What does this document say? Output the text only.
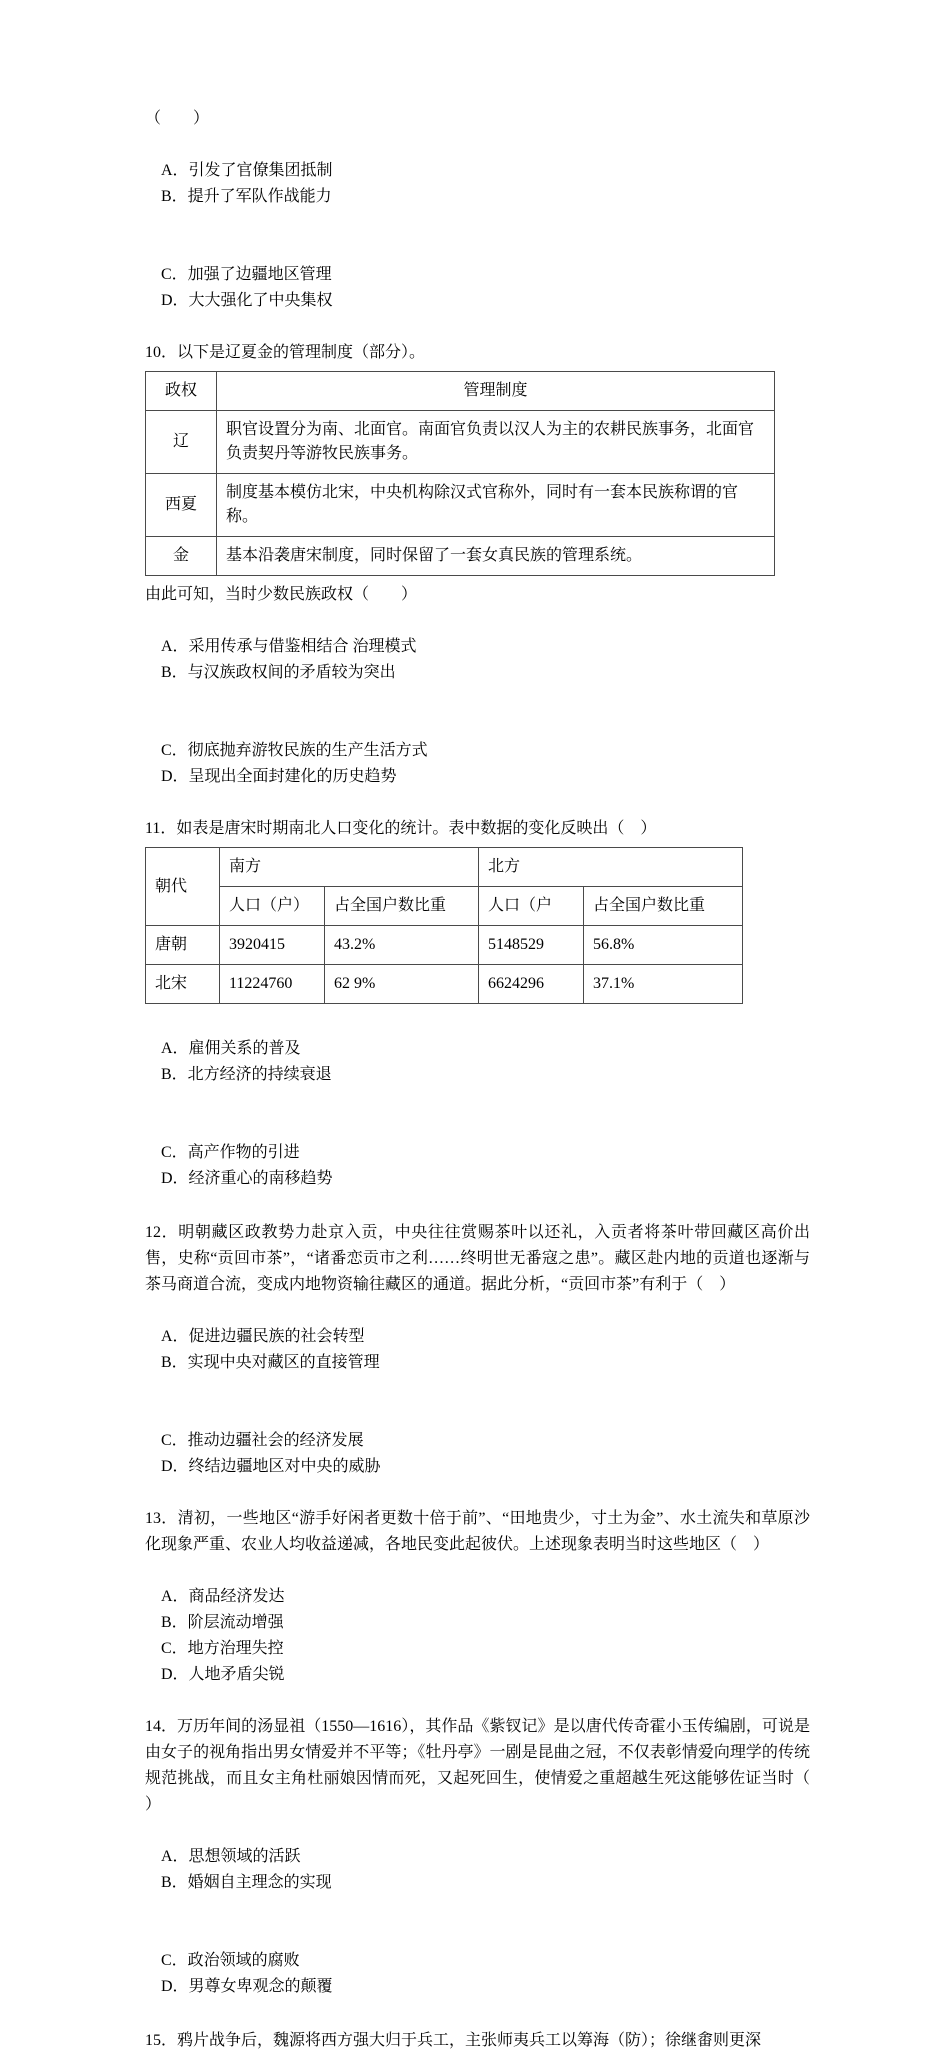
（        ）

A．引发了官僚集团抵制
B．提升了军队作战能力

C．加强了边疆地区管理
D．大大强化了中央集权

10．以下是辽夏金的管理制度（部分）。
政权	管理制度
辽	职官设置分为南、北面官。南面官负责以汉人为主的农耕民族事务，北面官负责契丹等游牧民族事务。
西夏	制度基本模仿北宋，中央机构除汉式官称外，同时有一套本民族称谓的官称。
金	基本沿袭唐宋制度，同时保留了一套女真民族的管理系统。
由此可知，当时少数民族政权（        ）

A．采用传承与借鉴相结合 治理模式
B．与汉族政权间的矛盾较为突出

C．彻底抛弃游牧民族的生产生活方式
D．呈现出全面封建化的历史趋势

11．如表是唐宋时期南北人口变化的统计。表中数据的变化反映出（    ）
朝代	南方		北方	
	人口（户）	占全国户数比重	人口（户	占全国户数比重
唐朝	3920415	43.2%	5148529	56.8%
北宋	11224760	62 9%	6624296	37.1%

A．雇佣关系的普及
B．北方经济的持续衰退

C．高产作物的引进
D．经济重心的南移趋势

12．明朝藏区政教势力赴京入贡，中央往往赏赐茶叶以还礼，入贡者将茶叶带回藏区高价出售，史称“贡回市茶”，“诸番恋贡市之利……终明世无番寇之患”。藏区赴内地的贡道也逐渐与茶马商道合流，变成内地物资输往藏区的通道。据此分析，“贡回市茶”有利于（    ）

A．促进边疆民族的社会转型
B．实现中央对藏区的直接管理

C．推动边疆社会的经济发展
D．终结边疆地区对中央的威胁

13．清初，一些地区“游手好闲者更数十倍于前”、“田地贵少，寸土为金”、水土流失和草原沙化现象严重、农业人均收益递减，各地民变此起彼伏。上述现象表明当时这些地区（    ）

A．商品经济发达
B．阶层流动增强
C．地方治理失控
D．人地矛盾尖锐

14．万历年间的汤显祖（1550—1616），其作品《紫钗记》是以唐代传奇霍小玉传编剧，可说是由女子的视角指出男女情爱并不平等；《牡丹亭》一剧是昆曲之冠，不仅表彰情爱向理学的传统规范挑战，而且女主角杜丽娘因情而死，又起死回生，使情爱之重超越生死这能够佐证当时（    ）

A．思想领域的活跃
B．婚姻自主理念的实现

C．政治领域的腐败
D．男尊女卑观念的颠覆

15．鸦片战争后，魏源将西方强大归于兵工，主张师夷兵工以筹海（防）；徐继畬则更深
